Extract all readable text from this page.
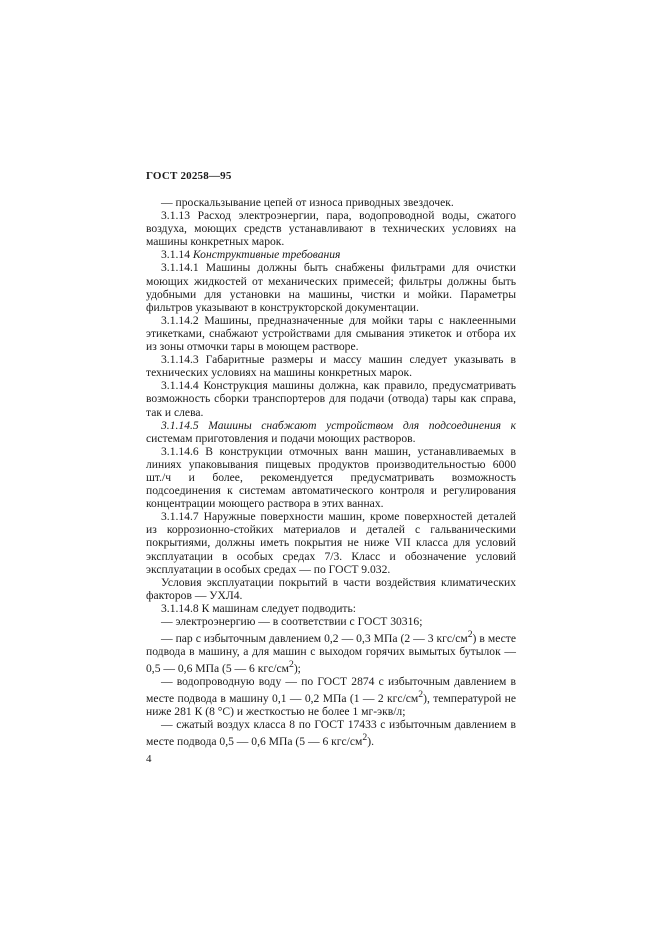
ГОСТ 20258—95

— проскальзывание цепей от износа приводных звездочек.

3.1.13 Расход электроэнергии, пара, водопроводной воды, сжатого воздуха, моющих средств устанавливают в технических условиях на машины конкретных марок.

3.1.14 Конструктивные требования

3.1.14.1 Машины должны быть снабжены фильтрами для очистки моющих жидкостей от механических примесей; фильтры должны быть удобными для установки на машины, чистки и мойки. Параметры фильтров указывают в конструкторской документации.

3.1.14.2 Машины, предназначенные для мойки тары с наклеенными этикетками, снабжают устройствами для смывания этикеток и отбора их из зоны отмочки тары в моющем растворе.

3.1.14.3 Габаритные размеры и массу машин следует указывать в технических условиях на машины конкретных марок.

3.1.14.4 Конструкция машины должна, как правило, предусматривать возможность сборки транспортеров для подачи (отвода) тары как справа, так и слева.

3.1.14.5 Машины снабжают устройством для подсоединения к системам приготовления и подачи моющих растворов.

3.1.14.6 В конструкции отмочных ванн машин, устанавливаемых в линиях упаковывания пищевых продуктов производительностью 6000 шт./ч и более, рекомендуется предусматривать возможность подсоединения к системам автоматического контроля и регулирования концентрации моющего раствора в этих ваннах.

3.1.14.7 Наружные поверхности машин, кроме поверхностей деталей из коррозионно-стойких материалов и деталей с гальваническими покрытиями, должны иметь покрытия не ниже VII класса для условий эксплуатации в особых средах 7/3. Класс и обозначение условий эксплуатации в особых средах — по ГОСТ 9.032.

Условия эксплуатации покрытий в части воздействия климатических факторов — УХЛ4.

3.1.14.8 К машинам следует подводить:

— электроэнергию — в соответствии с ГОСТ 30316;

— пар с избыточным давлением 0,2 — 0,3 МПа (2 — 3 кгс/$см^2$) в месте подвода в машину, а для машин с выходом горячих вымытых бутылок — 0,5 — 0,6 МПа (5 — 6 кгс/$см^2$);

— водопроводную воду — по ГОСТ 2874 с избыточным давлением в месте подвода в машину 0,1 — 0,2 МПа (1 — 2 кгс/$см^2$), температурой не ниже 281 К (8 °С) и жесткостью не более 1 мг-экв/л;

— сжатый воздух класса 8 по ГОСТ 17433 с избыточным давлением в месте подвода 0,5 — 0,6 МПа (5 — 6 кгс/$см^2$).

4
